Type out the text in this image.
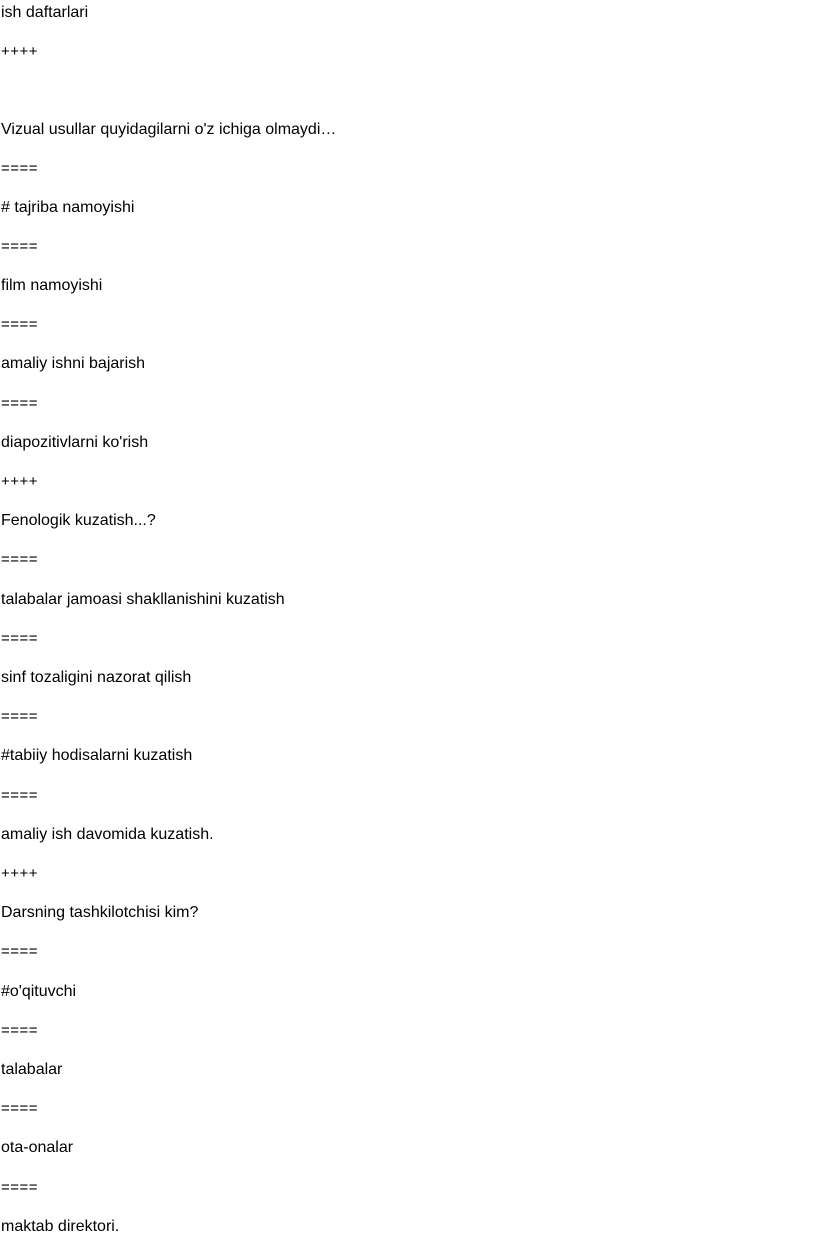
ish daftarlari

++++

Vizual usullar quyidagilarni o'z ichiga olmaydi…

====

# tajriba namoyishi

====

film namoyishi

====

amaliy ishni bajarish

====

diapozitivlarni ko'rish

++++

Fenologik kuzatish...?

====

talabalar jamoasi shakllanishini kuzatish

====

sinf tozaligini nazorat qilish

====

#tabiiy hodisalarni kuzatish

====

amaliy ish davomida kuzatish.

++++

Darsning tashkilotchisi kim?

====

#o'qituvchi

====

talabalar

====

ota-onalar

====

maktab direktori.
